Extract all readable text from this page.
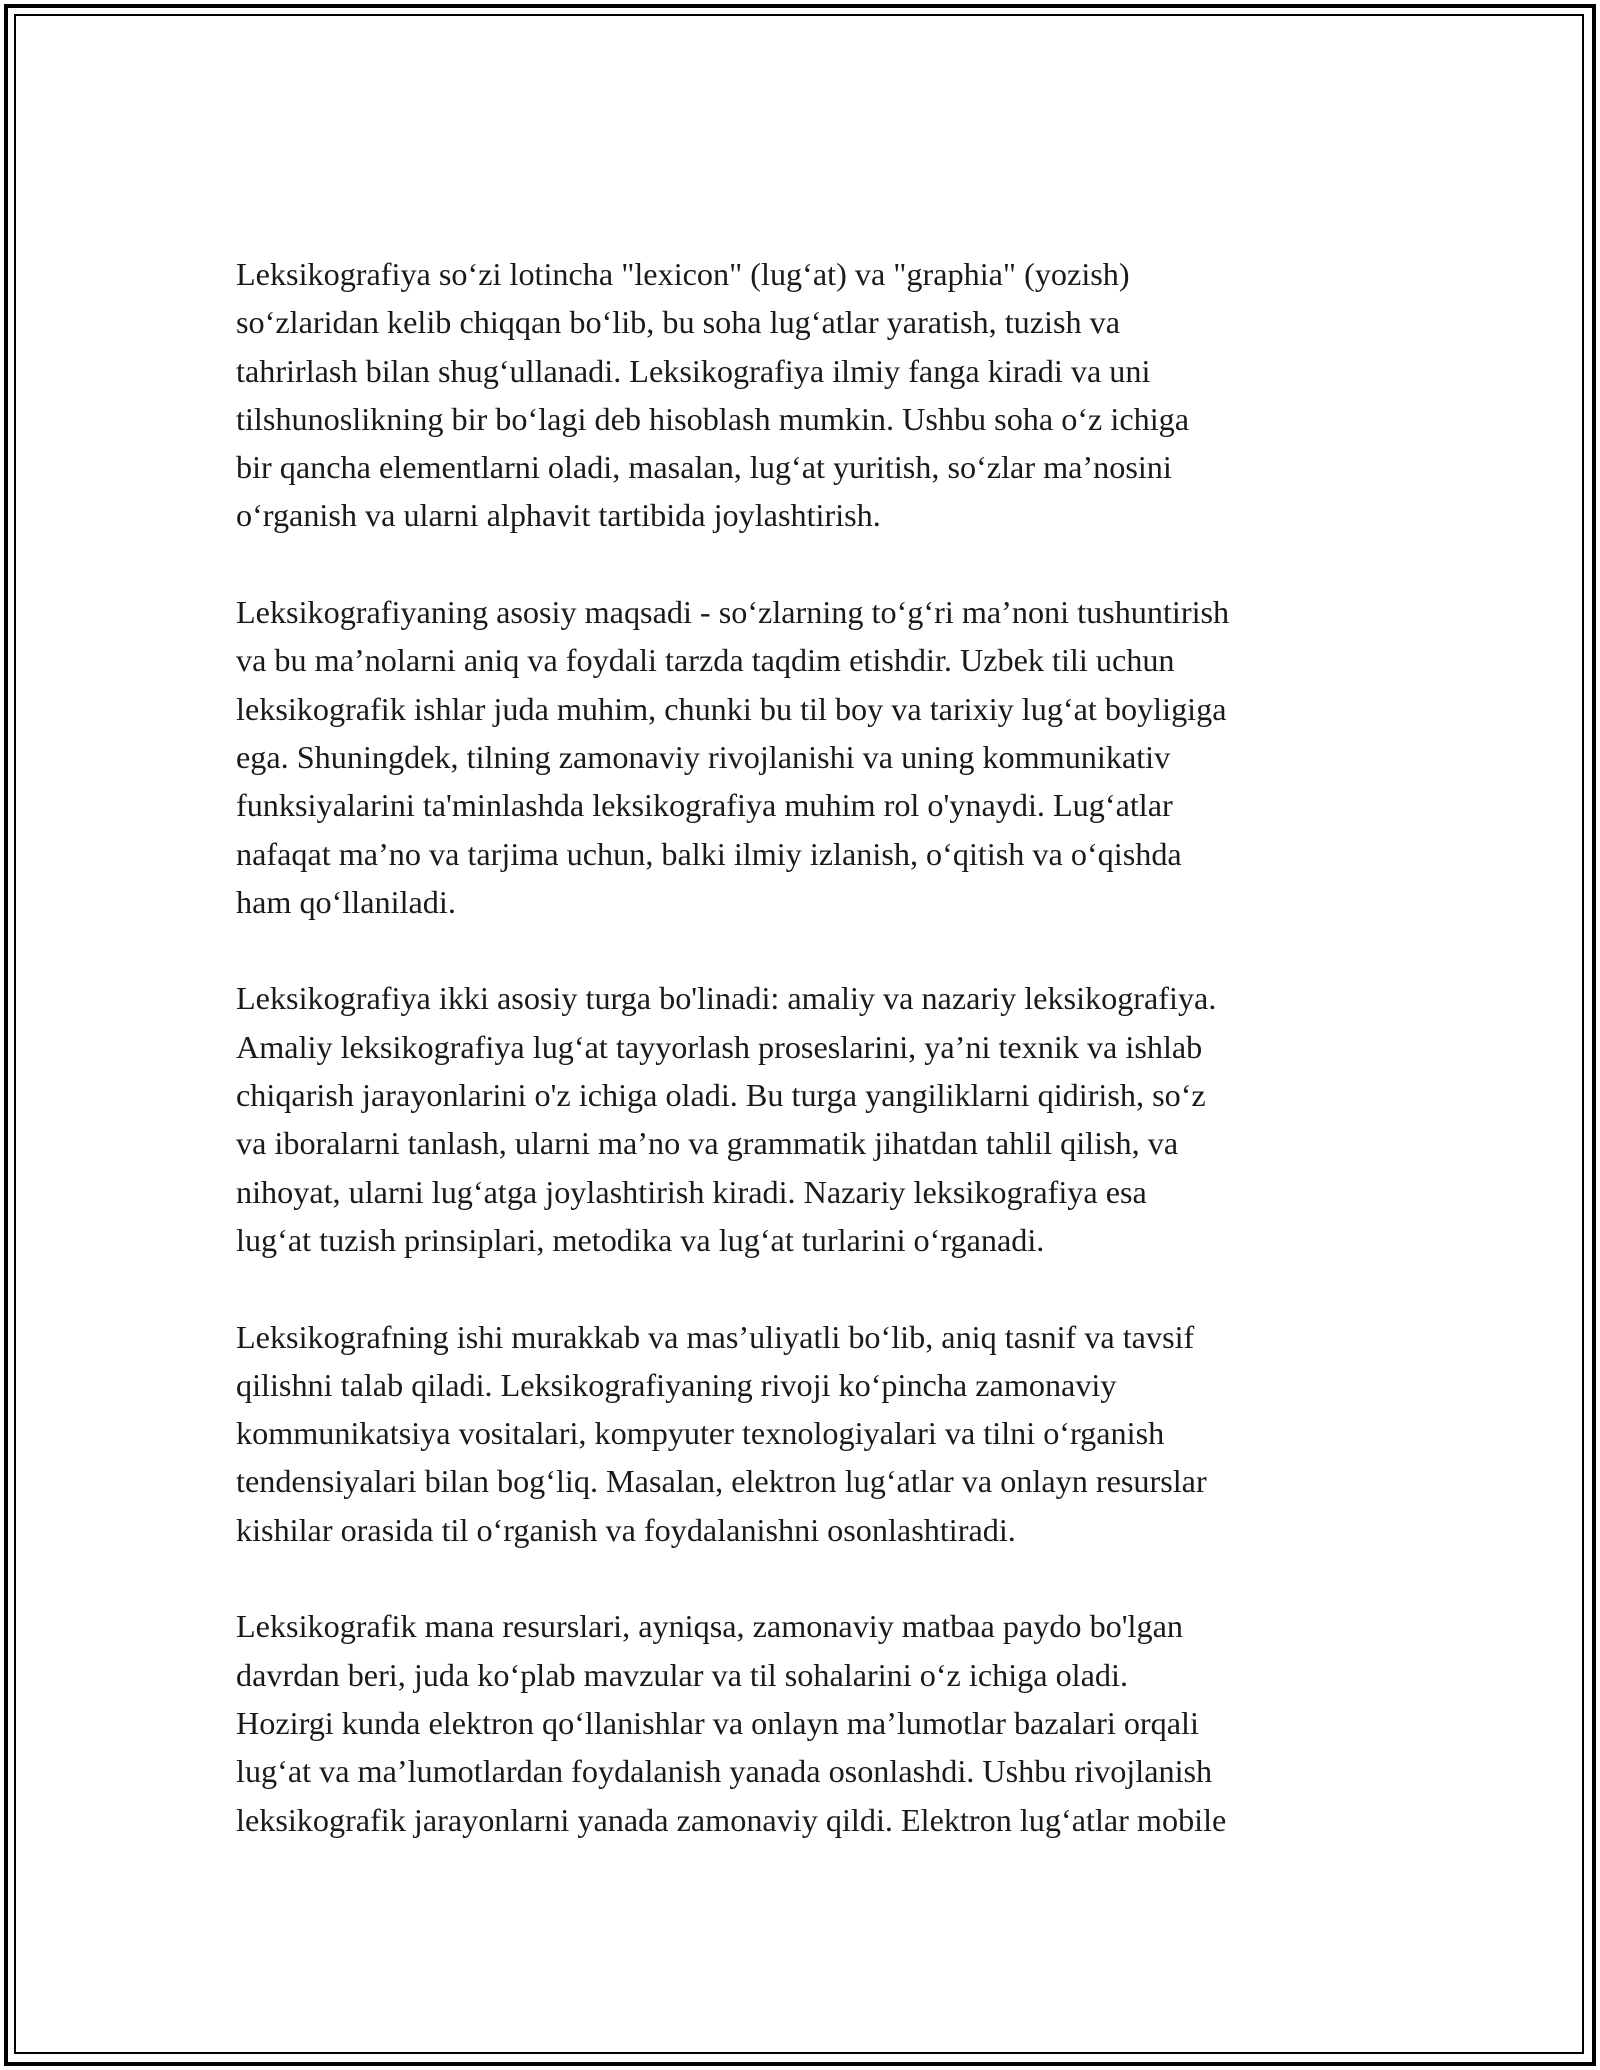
Leksikografiya so‘zi lotincha "lexicon" (lug‘at) va "graphia" (yozish)
so‘zlaridan kelib chiqqan bo‘lib, bu soha lug‘atlar yaratish, tuzish va
tahrirlash bilan shug‘ullanadi. Leksikografiya ilmiy fanga kiradi va uni
tilshunoslikning bir bo‘lagi deb hisoblash mumkin. Ushbu soha o‘z ichiga
bir qancha elementlarni oladi, masalan, lug‘at yuritish, so‘zlar ma’nosini
o‘rganish va ularni alphavit tartibida joylashtirish.
Leksikografiyaning asosiy maqsadi - so‘zlarning to‘g‘ri ma’noni tushuntirish
va bu ma’nolarni aniq va foydali tarzda taqdim etishdir. Uzbek tili uchun
leksikografik ishlar juda muhim, chunki bu til boy va tarixiy lug‘at boyligiga
ega. Shuningdek, tilning zamonaviy rivojlanishi va uning kommunikativ
funksiyalarini ta'minlashda leksikografiya muhim rol o'ynaydi. Lug‘atlar
nafaqat ma’no va tarjima uchun, balki ilmiy izlanish, o‘qitish va o‘qishda
ham qo‘llaniladi.
Leksikografiya ikki asosiy turga bo'linadi: amaliy va nazariy leksikografiya.
Amaliy leksikografiya lug‘at tayyorlash proseslarini, ya’ni texnik va ishlab
chiqarish jarayonlarini o'z ichiga oladi. Bu turga yangiliklarni qidirish, so‘z
va iboralarni tanlash, ularni ma’no va grammatik jihatdan tahlil qilish, va
nihoyat, ularni lug‘atga joylashtirish kiradi. Nazariy leksikografiya esa
lug‘at tuzish prinsiplari, metodika va lug‘at turlarini o‘rganadi.
Leksikografning ishi murakkab va mas’uliyatli bo‘lib, aniq tasnif va tavsif
qilishni talab qiladi. Leksikografiyaning rivoji ko‘pincha zamonaviy
kommunikatsiya vositalari, kompyuter texnologiyalari va tilni o‘rganish
tendensiyalari bilan bog‘liq. Masalan, elektron lug‘atlar va onlayn resurslar
kishilar orasida til o‘rganish va foydalanishni osonlashtiradi.
Leksikografik mana resurslari, ayniqsa, zamonaviy matbaa paydo bo'lgan
davrdan beri, juda ko‘plab mavzular va til sohalarini o‘z ichiga oladi.
Hozirgi kunda elektron qo‘llanishlar va onlayn ma’lumotlar bazalari orqali
lug‘at va ma’lumotlardan foydalanish yanada osonlashdi. Ushbu rivojlanish
leksikografik jarayonlarni yanada zamonaviy qildi. Elektron lug‘atlar mobile
